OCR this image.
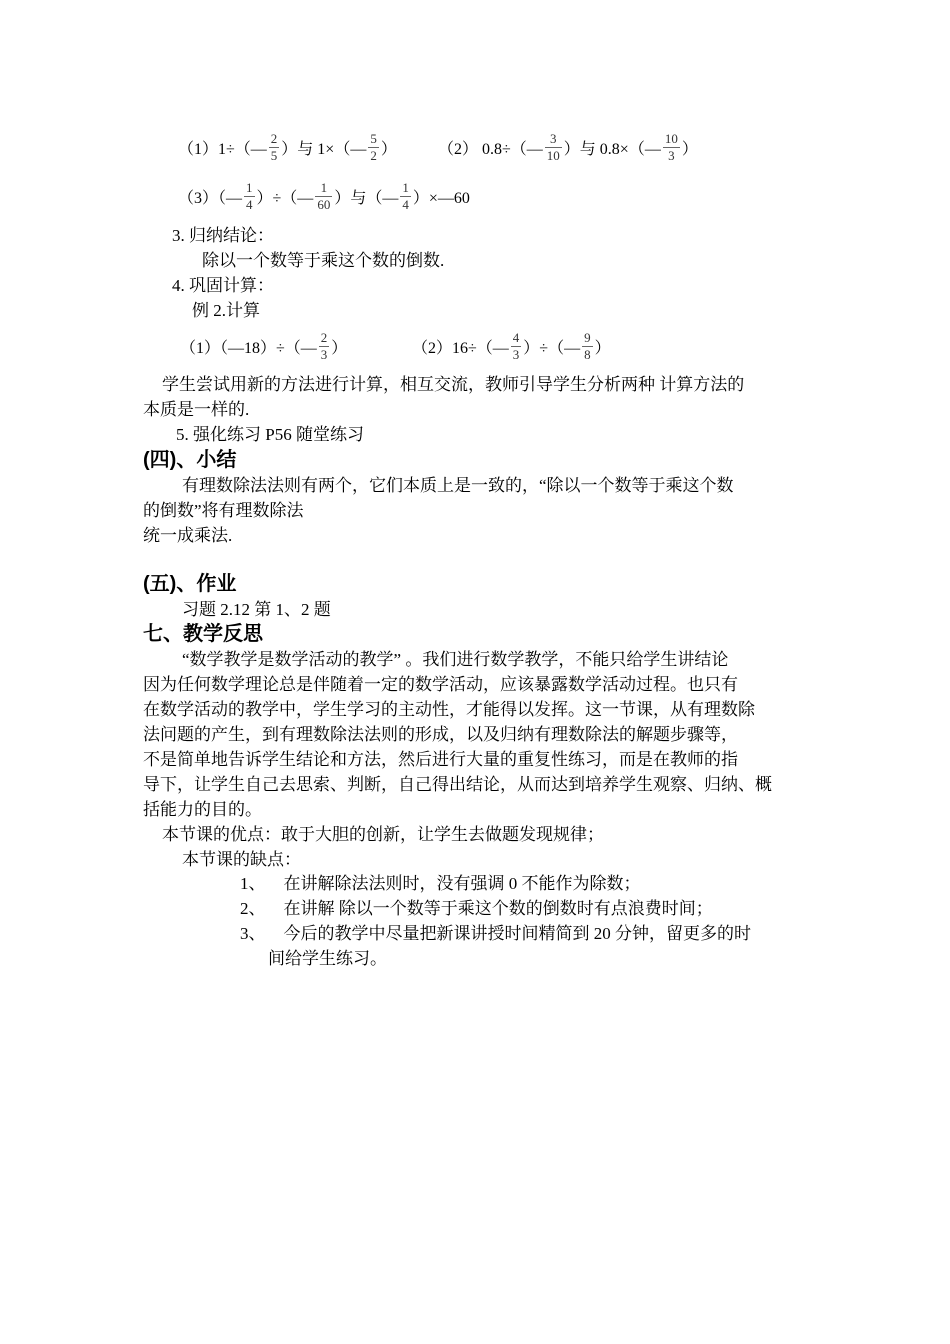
（1）1÷（— $\frac{2}{5}$ ）与 1×（— $\frac{5}{2}$ ）	（2） 0.8÷（— $\frac{3}{10}$ ）与 0.8×（— $\frac{10}{3}$ ）
（3）（— $\frac{1}{4}$ ）÷（— $\frac{1}{60}$ ）与（— $\frac{1}{4}$ ）×—60
3. 归纳结论：
除以一个数等于乘这个数的倒数.
4. 巩固计算：
例 2.计算
（1）（—18）÷（— $\frac{2}{3}$ ）	（2）16÷（— $\frac{4}{3}$ ）÷（— $\frac{9}{8}$ ）
学生尝试用新的方法进行计算，相互交流，教师引导学生分析两种 计算方法的
本质是一样的.
5. 强化练习 P56 随堂练习
(四)、小结
有理数除法法则有两个，它们本质上是一致的，“除以一个数等于乘这个数
的倒数”将有理数除法
统一成乘法.
(五)、作业
习题 2.12 第 1、2 题
七、教学反思
“数学教学是数学活动的教学” 。我们进行数学教学，不能只给学生讲结论
因为任何数学理论总是伴随着一定的数学活动，应该暴露数学活动过程。也只有
在数学活动的教学中，学生学习的主动性，才能得以发挥。这一节课，从有理数除
法问题的产生，到有理数除法法则的形成，以及归纳有理数除法的解题步骤等，
不是简单地告诉学生结论和方法，然后进行大量的重复性练习，而是在教师的指
导下，让学生自己去思索、判断，自己得出结论，从而达到培养学生观察、归纳、概
括能力的目的。
本节课的优点：敢于大胆的创新，让学生去做题发现规律；
本节课的缺点：
1、 在讲解除法法则时，没有强调 0 不能作为除数；
2、 在讲解 除以一个数等于乘这个数的倒数时有点浪费时间；
3、 今后的教学中尽量把新课讲授时间精简到 20 分钟，留更多的时
间给学生练习。
